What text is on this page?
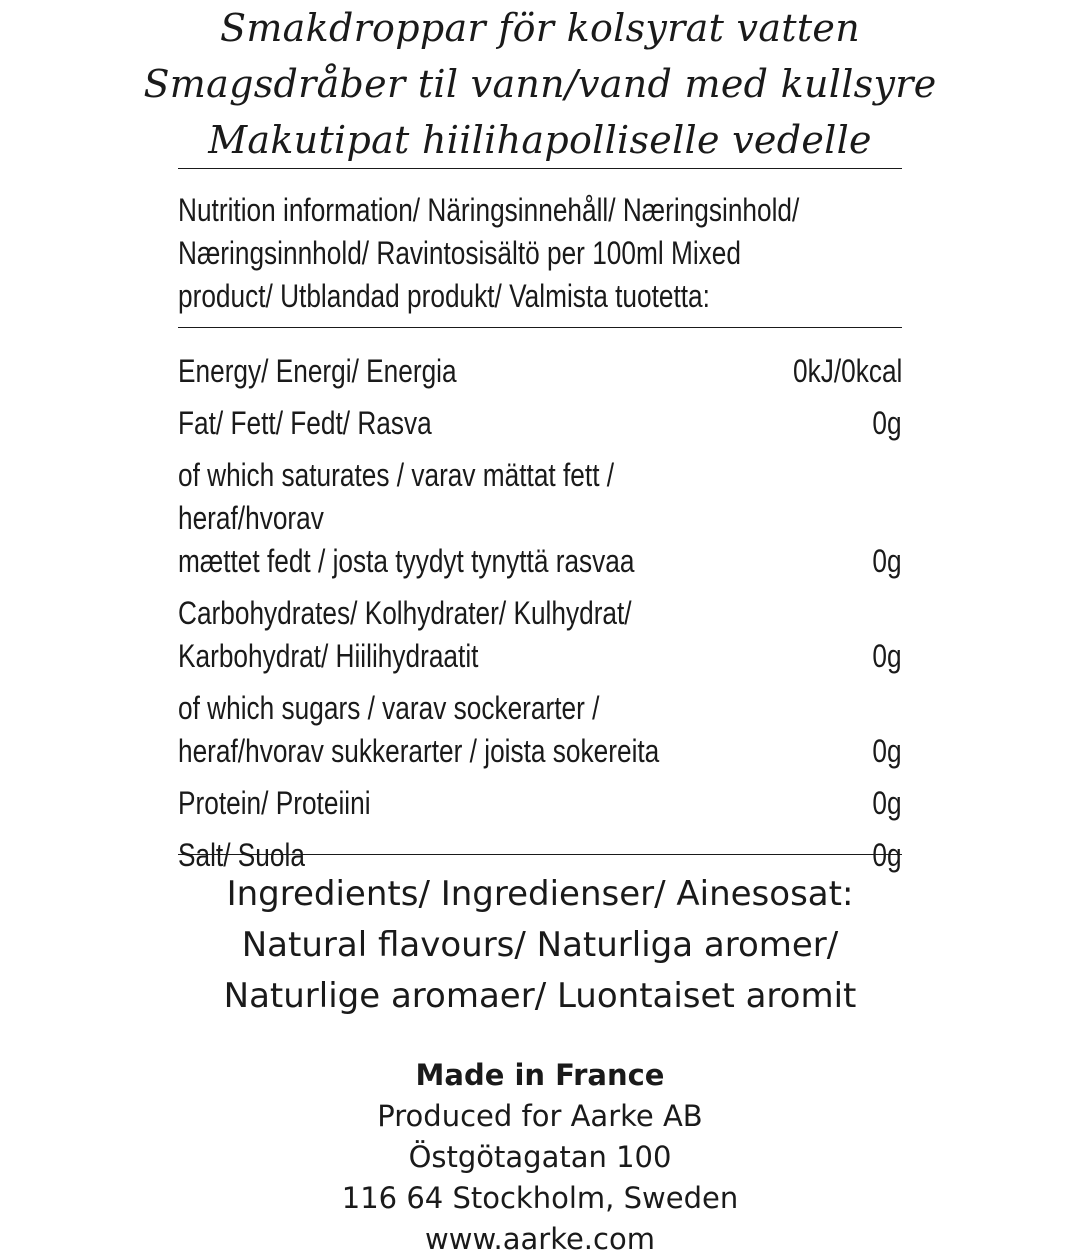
Smakdroppar för kolsyrat vatten
Smagsdråber til vann/vand med kullsyre
Makutipat hiilihapolliselle vedelle
Nutrition information/ Näringsinnehåll/ Næringsinhold/
Næringsinnhold/ Ravintosisältö per 100ml Mixed
product/ Utblandad produkt/ Valmista tuotetta:
Energy/ Energi/ Energia	0kJ/0kcal
Fat/ Fett/ Fedt/ Rasva	0g
of which saturates / varav mättat fett / heraf/hvorav
mættet fedt / josta tyydyt tynyttä rasvaa	0g
Carbohydrates/ Kolhydrater/ Kulhydrat/
Karbohydrat/ Hiilihydraatit	0g
of which sugars / varav sockerarter /
heraf/hvorav sukkerarter / joista sokereita	0g
Protein/ Proteiini	0g
Salt/ Suola	0g
Ingredients/ Ingredienser/ Ainesosat:
Natural flavours/ Naturliga aromer/
Naturlige aromaer/ Luontaiset aromit
Made in France
Produced for Aarke AB
Östgötagatan 100
116 64 Stockholm, Sweden
www.aarke.com
